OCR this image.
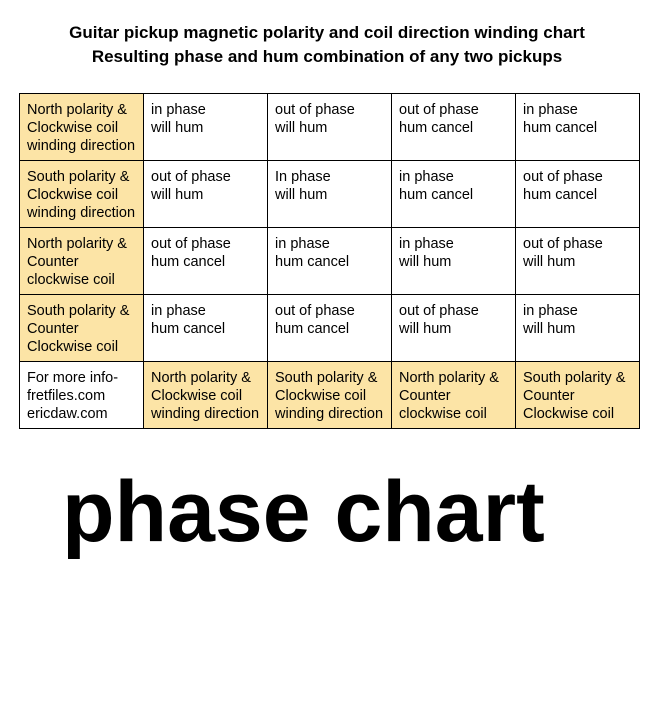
Guitar pickup magnetic polarity and coil direction winding chart
Resulting phase and hum combination of any two pickups
North polarity &
Clockwise coil
winding direction	in phase
will hum	out of phase
will hum	out of phase
hum cancel	in phase
hum cancel

South polarity &
Clockwise coil
winding direction	out of phase
will hum	In phase
will hum	in phase
hum cancel	out of phase
hum cancel

North polarity &
Counter
clockwise coil	out of phase
hum cancel	in phase
hum cancel	in phase
will hum	out of phase
will hum

South polarity &
Counter
Clockwise coil	in phase
hum cancel	out of phase
hum cancel	out of phase
will hum	in phase
will hum

For more info-
fretfiles.com
ericdaw.com	North polarity &
Clockwise coil
winding direction	South polarity &
Clockwise coil
winding direction	North polarity &
Counter
clockwise coil	South polarity &
Counter
Clockwise coil
phase chart
